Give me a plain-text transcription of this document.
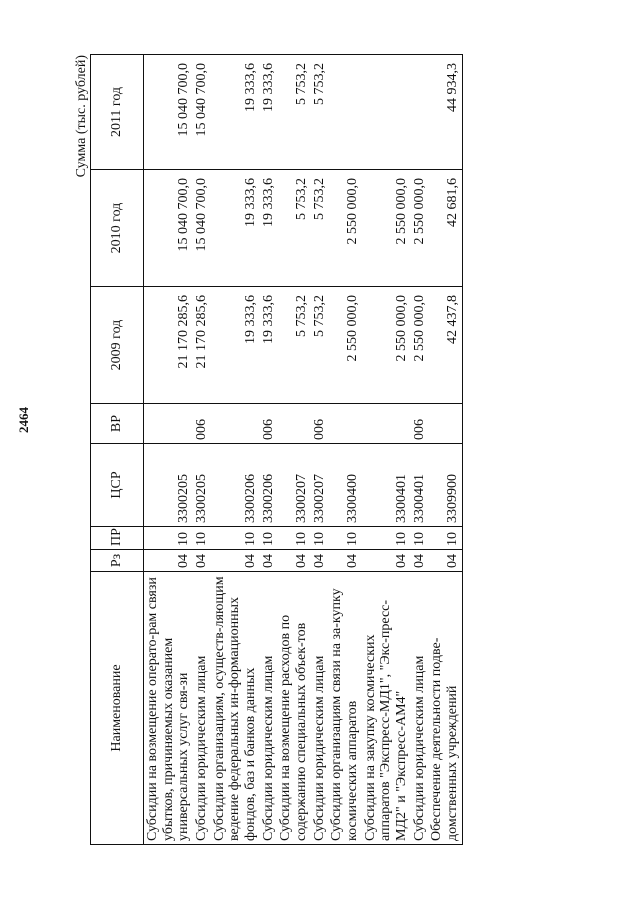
2464
Сумма (тыс. рублей)
Наименование	Рз	ПР	ЦСР	ВР	2009 год	2010 год	2011 год
Субсидии на возмещение операто-рам связи убытков, причиняемых оказанием универсальных услуг свя-зи	04	10	3300205		21 170 285,6	15 040 700,0	15 040 700,0
Субсидии юридическим лицам	04	10	3300205	006	21 170 285,6	15 040 700,0	15 040 700,0
Субсидии организациям, осуществ-ляющим ведение федеральных ин-формационных фондов, баз и банков данных	04	10	3300206		19 333,6	19 333,6	19 333,6
Субсидии юридическим лицам	04	10	3300206	006	19 333,6	19 333,6	19 333,6
Субсидии на возмещение расходов по содержанию специальных объек-тов	04	10	3300207		5 753,2	5 753,2	5 753,2
Субсидии юридическим лицам	04	10	3300207	006	5 753,2	5 753,2	5 753,2
Субсидии организациям связи на за-купку космических аппаратов	04	10	3300400		2 550 000,0	2 550 000,0	
Субсидии на закупку космических аппаратов "Экспресс-МД1", "Экс-пресс-МД2" и "Экспресс-АМ4"	04	10	3300401		2 550 000,0	2 550 000,0	
Субсидии юридическим лицам	04	10	3300401	006	2 550 000,0	2 550 000,0	
Обеспечение деятельности подве-домственных учреждений	04	10	3309900		42 437,8	42 681,6	44 934,3
